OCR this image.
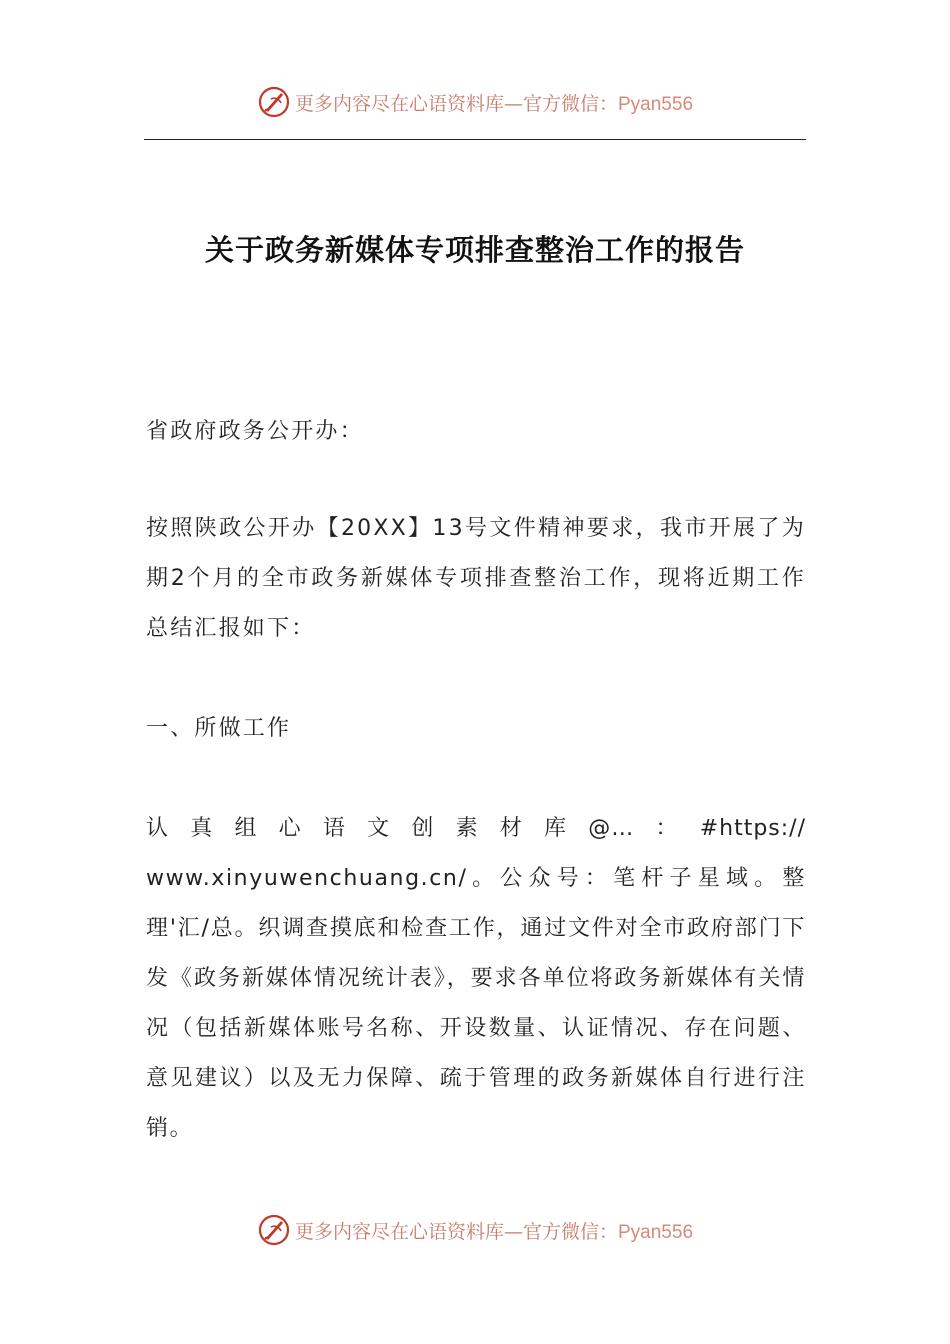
更多内容尽在心语资料库—官方微信：Pyan556
关于政务新媒体专项排查整治工作的报告

省政府政务公开办：

按照陕政公开办【20XX】13号文件精神要求，我市开展了为期2个月的全市政务新媒体专项排查整治工作，现将近期工作总结汇报如下：

一、所做工作

认真组心语文创素材库@…：#https://
www.xinyuwenchuang.cn/。公众号：笔杆子星域。整理'汇/总。织调查摸底和检查工作，通过文件对全市政府部门下发《政务新媒体情况统计表》，要求各单位将政务新媒体有关情况（包括新媒体账号名称、开设数量、认证情况、存在问题、意见建议）以及无力保障、疏于管理的政务新媒体自行进行注销。

更多内容尽在心语资料库—官方微信：Pyan556
